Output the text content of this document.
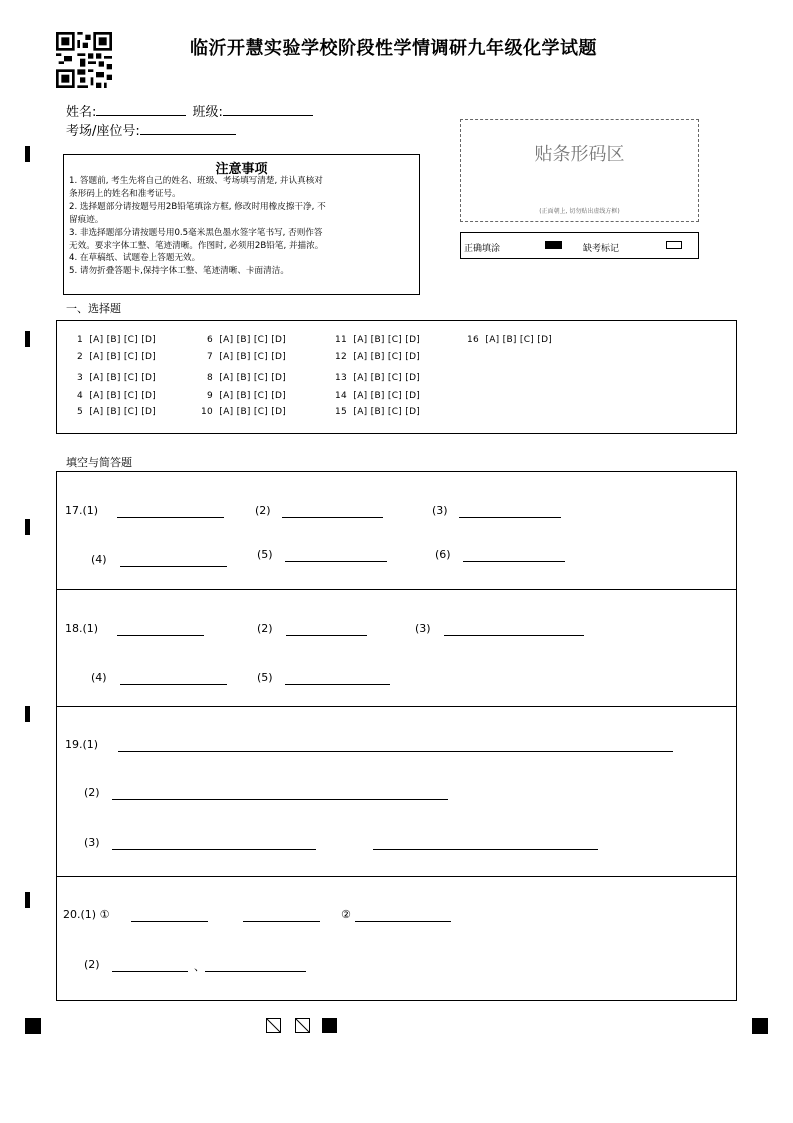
临沂开慧实验学校阶段性学情调研九年级化学试题
姓名:	班级:
考场/座位号:
注意事项
1. 答题前, 考生先将自己的姓名、班级、考场填写清楚, 并认真核对
条形码上的姓名和准考证号。
2. 选择题部分请按题号用2B铅笔填涂方框, 修改时用橡皮擦干净, 不
留痕迹。
3. 非选择题部分请按题号用0.5毫米黑色墨水签字笔书写, 否则作答
无效。要求字体工整、笔迹清晰。作图时, 必须用2B铅笔, 并描浓。
4. 在草稿纸、试题卷上答题无效。
5. 请勿折叠答题卡,保持字体工整、笔迹清晰、卡面清洁。
贴条形码区
(正面朝上, 切勿贴出虚线方框)
正确填涂	缺考标记
一、选择题
1 [A] [B] [C] [D]
2 [A] [B] [C] [D]
3 [A] [B] [C] [D]
4 [A] [B] [C] [D]
5 [A] [B] [C] [D]
6 [A] [B] [C] [D]
7 [A] [B] [C] [D]
8 [A] [B] [C] [D]
9 [A] [B] [C] [D]
10 [A] [B] [C] [D]
11 [A] [B] [C] [D]
12 [A] [B] [C] [D]
13 [A] [B] [C] [D]
14 [A] [B] [C] [D]
15 [A] [B] [C] [D]
16 [A] [B] [C] [D]
填空与简答题
17.(1)	(2)	(3)
(4)	(5)	(6)
18.(1)	(2)	(3)
(4)	(5)
19.(1)
(2)
(3)
20.(1) ①	②
(2)	、
